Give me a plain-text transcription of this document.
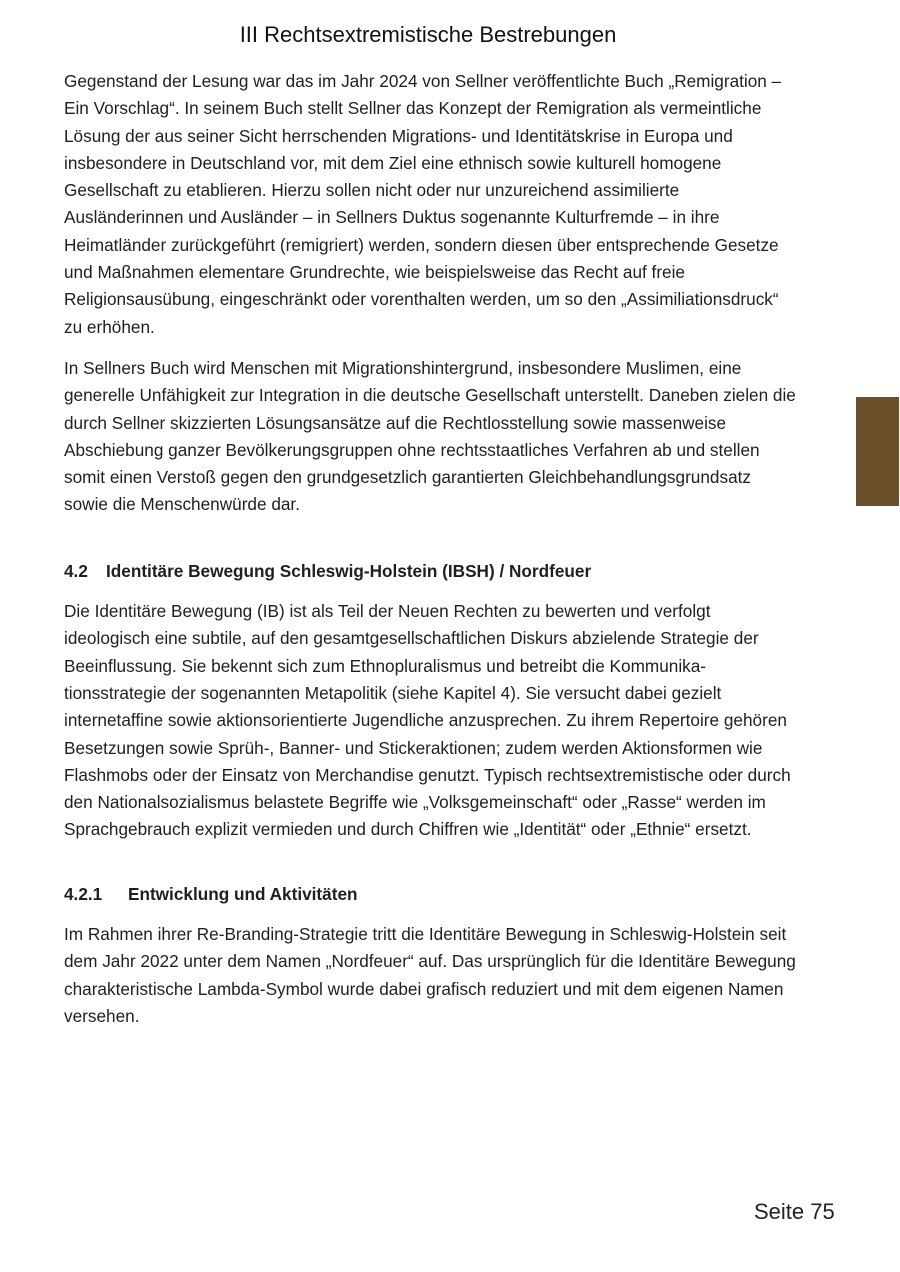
III Rechtsextremistische Bestrebungen

Gegenstand der Lesung war das im Jahr 2024 von Sellner veröffentlichte Buch „Remigration – Ein Vorschlag“. In seinem Buch stellt Sellner das Konzept der Remigration als vermeintliche Lösung der aus seiner Sicht herrschenden Migrations- und Identitätskrise in Europa und insbesondere in Deutschland vor, mit dem Ziel eine ethnisch sowie kulturell homogene Gesellschaft zu etablieren. Hierzu sollen nicht oder nur unzureichend assimilierte Ausländerinnen und Ausländer – in Sellners Duktus sogenannte Kulturfremde – in ihre Heimatländer zurückgeführt (remigriert) werden, sondern diesen über entsprechende Gesetze und Maßnahmen elementare Grundrechte, wie beispielsweise das Recht auf freie Religionsausübung, eingeschränkt oder vorenthalten werden, um so den „Assimiliationsdruck“ zu erhöhen.

In Sellners Buch wird Menschen mit Migrationshintergrund, insbesondere Muslimen, eine generelle Unfähigkeit zur Integration in die deutsche Gesellschaft unterstellt. Daneben zielen die durch Sellner skizzierten Lösungsansätze auf die Rechtlosstellung sowie massenweise Abschiebung ganzer Bevölkerungsgruppen ohne rechtsstaatliches Verfahren ab und stellen somit einen Verstoß gegen den grundgesetzlich garantierten Gleichbehandlungsgrundsatz sowie die Menschenwürde dar.

4.2 Identitäre Bewegung Schleswig-Holstein (IBSH) / Nordfeuer

Die Identitäre Bewegung (IB) ist als Teil der Neuen Rechten zu bewerten und verfolgt ideologisch eine subtile, auf den gesamtgesellschaftlichen Diskurs abzielende Strategie der Beeinflussung. Sie bekennt sich zum Ethnopluralismus und betreibt die Kommunikationsstrategie der sogenannten Metapolitik (siehe Kapitel 4). Sie versucht dabei gezielt internetaffine sowie aktionsorientierte Jugendliche anzusprechen. Zu ihrem Repertoire gehören Besetzungen sowie Sprüh-, Banner- und Stickeraktionen; zudem werden Aktionsformen wie Flashmobs oder der Einsatz von Merchandise genutzt. Typisch rechtsextremistische oder durch den Nationalsozialismus belastete Begriffe wie „Volksgemeinschaft“ oder „Rasse“ werden im Sprachgebrauch explizit vermieden und durch Chiffren wie „Identität“ oder „Ethnie“ ersetzt.

4.2.1 Entwicklung und Aktivitäten

Im Rahmen ihrer Re-Branding-Strategie tritt die Identitäre Bewegung in Schleswig-Holstein seit dem Jahr 2022 unter dem Namen „Nordfeuer“ auf. Das ursprünglich für die Identitäre Bewegung charakteristische Lambda-Symbol wurde dabei grafisch reduziert und mit dem eigenen Namen versehen.

Seite 75
